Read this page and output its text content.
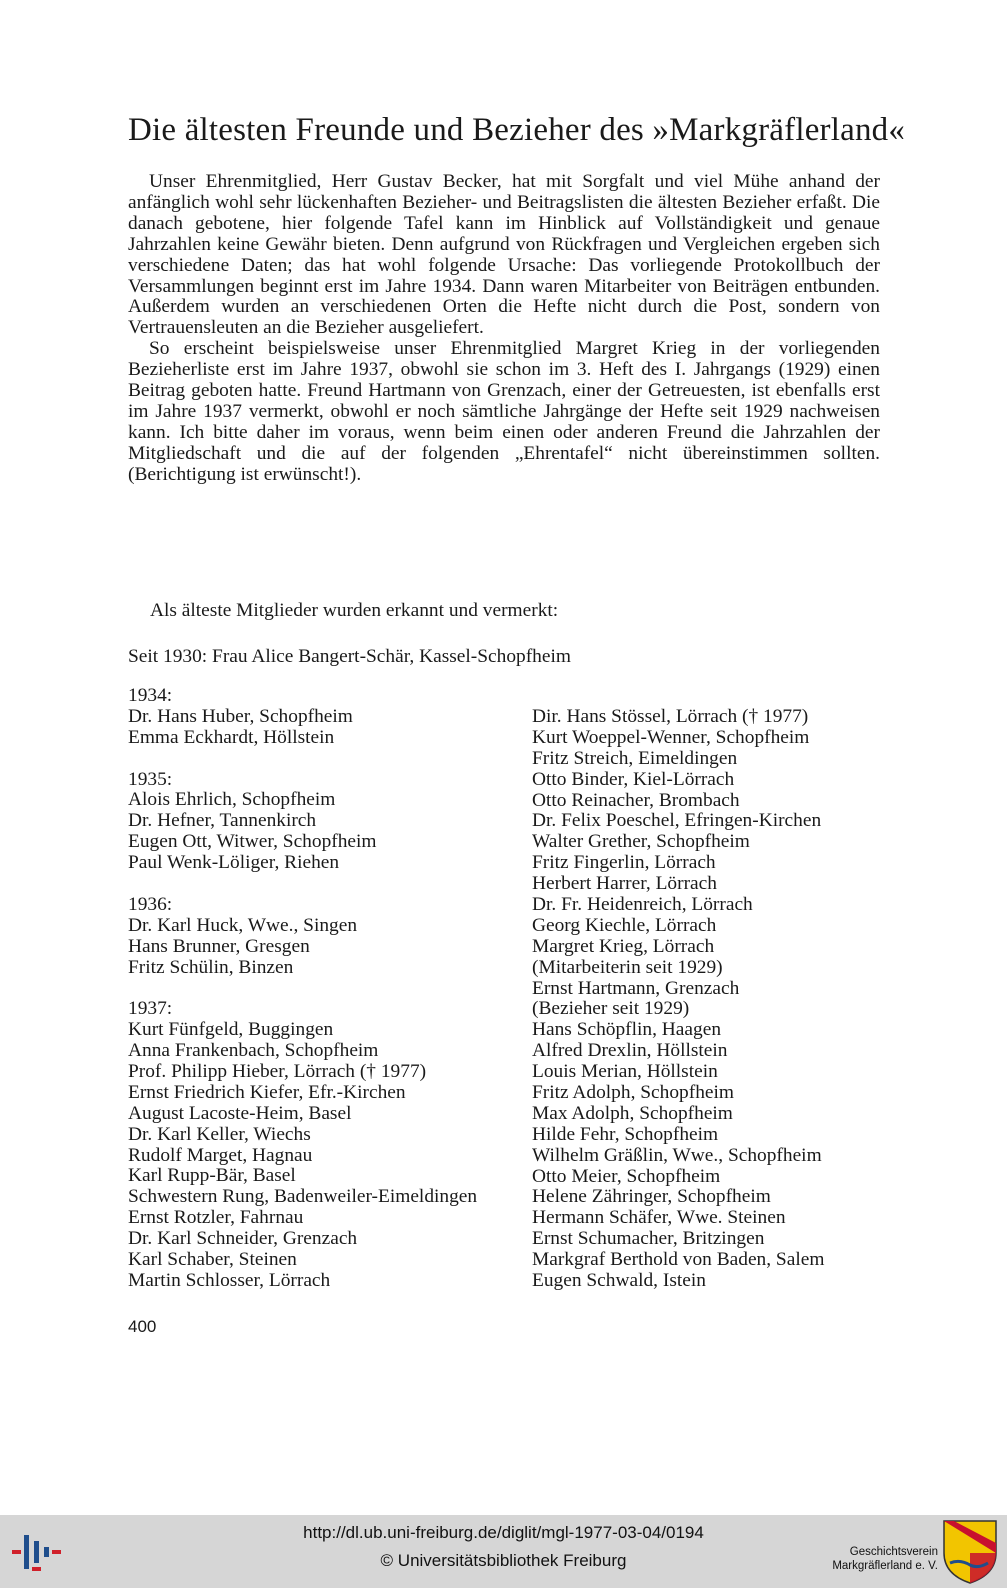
Die ältesten Freunde und Bezieher des »Markgräflerland«

Unser Ehrenmitglied, Herr Gustav Becker, hat mit Sorgfalt und viel Mühe anhand der anfänglich wohl sehr lückenhaften Bezieher- und Beitragslisten die ältesten Bezieher erfaßt. Die danach gebotene, hier folgende Tafel kann im Hinblick auf Vollständigkeit und genaue Jahrzahlen keine Gewähr bieten. Denn aufgrund von Rückfragen und Vergleichen ergeben sich verschiedene Daten; das hat wohl folgende Ursache: Das vorliegende Protokollbuch der Versammlungen beginnt erst im Jahre 1934. Dann waren Mitarbeiter von Beiträgen entbunden. Außerdem wurden an verschiedenen Orten die Hefte nicht durch die Post, sondern von Vertrauensleuten an die Bezieher ausgeliefert.

So erscheint beispielsweise unser Ehrenmitglied Margret Krieg in der vorliegenden Bezieherliste erst im Jahre 1937, obwohl sie schon im 3. Heft des I. Jahrgangs (1929) einen Beitrag geboten hatte. Freund Hartmann von Grenzach, einer der Getreuesten, ist ebenfalls erst im Jahre 1937 vermerkt, obwohl er noch sämtliche Jahrgänge der Hefte seit 1929 nachweisen kann. Ich bitte daher im voraus, wenn beim einen oder anderen Freund die Jahrzahlen der Mitgliedschaft und die auf der folgenden „Ehrentafel“ nicht übereinstimmen sollten. (Berichtigung ist erwünscht!).

Als älteste Mitglieder wurden erkannt und vermerkt:
Seit 1930: Frau Alice Bangert-Schär, Kassel-Schopfheim
1934:
Dr. Hans Huber, Schopfheim
Emma Eckhardt, Höllstein
1935:
Alois Ehrlich, Schopfheim
Dr. Hefner, Tannenkirch
Eugen Ott, Witwer, Schopfheim
Paul Wenk-Löliger, Riehen
1936:
Dr. Karl Huck, Wwe., Singen
Hans Brunner, Gresgen
Fritz Schülin, Binzen
1937:
Kurt Fünfgeld, Buggingen
Anna Frankenbach, Schopfheim
Prof. Philipp Hieber, Lörrach († 1977)
Ernst Friedrich Kiefer, Efr.-Kirchen
August Lacoste-Heim, Basel
Dr. Karl Keller, Wiechs
Rudolf Marget, Hagnau
Karl Rupp-Bär, Basel
Schwestern Rung, Badenweiler-Eimeldingen
Ernst Rotzler, Fahrnau
Dr. Karl Schneider, Grenzach
Karl Schaber, Steinen
Martin Schlosser, Lörrach
Dir. Hans Stössel, Lörrach († 1977)
Kurt Woeppel-Wenner, Schopfheim
Fritz Streich, Eimeldingen
Otto Binder, Kiel-Lörrach
Otto Reinacher, Brombach
Dr. Felix Poeschel, Efringen-Kirchen
Walter Grether, Schopfheim
Fritz Fingerlin, Lörrach
Herbert Harrer, Lörrach
Dr. Fr. Heidenreich, Lörrach
Georg Kiechle, Lörrach
Margret Krieg, Lörrach
(Mitarbeiterin seit 1929)
Ernst Hartmann, Grenzach
(Bezieher seit 1929)
Hans Schöpflin, Haagen
Alfred Drexlin, Höllstein
Louis Merian, Höllstein
Fritz Adolph, Schopfheim
Max Adolph, Schopfheim
Hilde Fehr, Schopfheim
Wilhelm Gräßlin, Wwe., Schopfheim
Otto Meier, Schopfheim
Helene Zähringer, Schopfheim
Hermann Schäfer, Wwe. Steinen
Ernst Schumacher, Britzingen
Markgraf Berthold von Baden, Salem
Eugen Schwald, Istein
400
http://dl.ub.uni-freiburg.de/diglit/mgl-1977-03-04/0194
© Universitätsbibliothek Freiburg	Geschichtsverein
Markgräflerland e. V.
